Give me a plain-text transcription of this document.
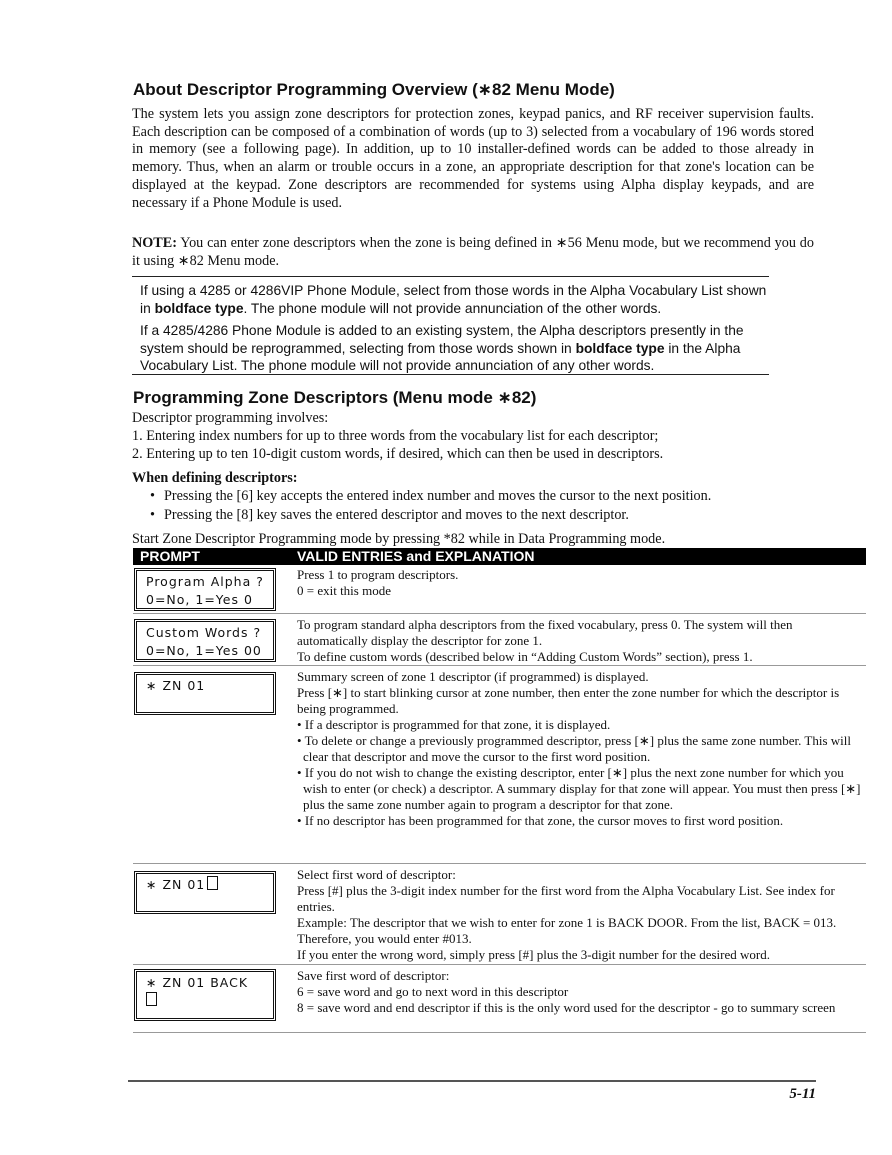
About Descriptor Programming Overview (∗82 Menu Mode)

The system lets you assign zone descriptors for protection zones, keypad panics, and RF receiver supervision faults. Each description can be composed of a combination of words (up to 3) selected from a vocabulary of 196 words stored in memory (see a following page). In addition, up to 10 installer-defined words can be added to those already in memory. Thus, when an alarm or trouble occurs in a zone, an appropriate description for that zone's location can be displayed at the keypad. Zone descriptors are recommended for systems using Alpha display keypads, and are necessary if a Phone Module is used.

NOTE: You can enter zone descriptors when the zone is being defined in ∗56 Menu mode, but we recommend you do it using ∗82 Menu mode.

If using a 4285 or 4286VIP Phone Module, select from those words in the Alpha Vocabulary List shown in boldface type. The phone module will not provide annunciation of the other words.

If a 4285/4286 Phone Module is added to an existing system, the Alpha descriptors presently in the system should be reprogrammed, selecting from those words shown in boldface type in the Alpha Vocabulary List. The phone module will not provide annunciation of any other words.

Programming Zone Descriptors (Menu mode ∗82)

Descriptor programming involves:

1. Entering index numbers for up to three words from the vocabulary list for each descriptor;

2. Entering up to ten 10-digit custom words, if desired, which can then be used in descriptors.

When defining descriptors:

• Pressing the [6] key accepts the entered index number and moves the cursor to the next position.
• Pressing the [8] key saves the entered descriptor and moves to the next descriptor.

Start Zone Descriptor Programming mode by pressing *82 while in Data Programming mode.

PROMPT	VALID ENTRIES and EXPLANATION
Program Alpha ?
0=No, 1=Yes 0

Press 1 to program descriptors.

0 = exit this mode

Custom Words ?
0=No, 1=Yes 00

To program standard alpha descriptors from the fixed vocabulary, press 0. The system will then automatically display the descriptor for zone 1.

To define custom words (described below in “Adding Custom Words” section), press 1.

∗ ZN 01

Summary screen of zone 1 descriptor (if programmed) is displayed.

Press [∗] to start blinking cursor at zone number, then enter the zone number for which the descriptor is being programmed.

• If a descriptor is programmed for that zone, it is displayed.

• To delete or change a previously programmed descriptor, press [∗] plus the same zone number. This will clear that descriptor and move the cursor to the first word position.

• If you do not wish to change the existing descriptor, enter [∗] plus the next zone number for which you wish to enter (or check) a descriptor. A summary display for that zone will appear. You must then press [∗] plus the same zone number again to program a descriptor for that zone.

• If no descriptor has been programmed for that zone, the cursor moves to first word position.

∗ ZN 01

Select first word of descriptor:

Press [#] plus the 3-digit index number for the first word from the Alpha Vocabulary List. See index for entries.

Example: The descriptor that we wish to enter for zone 1 is BACK DOOR. From the list, BACK = 013. Therefore, you would enter #013.

If you enter the wrong word, simply press [#] plus the 3-digit number for the desired word.

∗ ZN 01 BACK	Save first word of descriptor:

6 = save word and go to next word in this descriptor

8 = save word and end descriptor if this is the only word used for the descriptor - go to summary screen

5-11
